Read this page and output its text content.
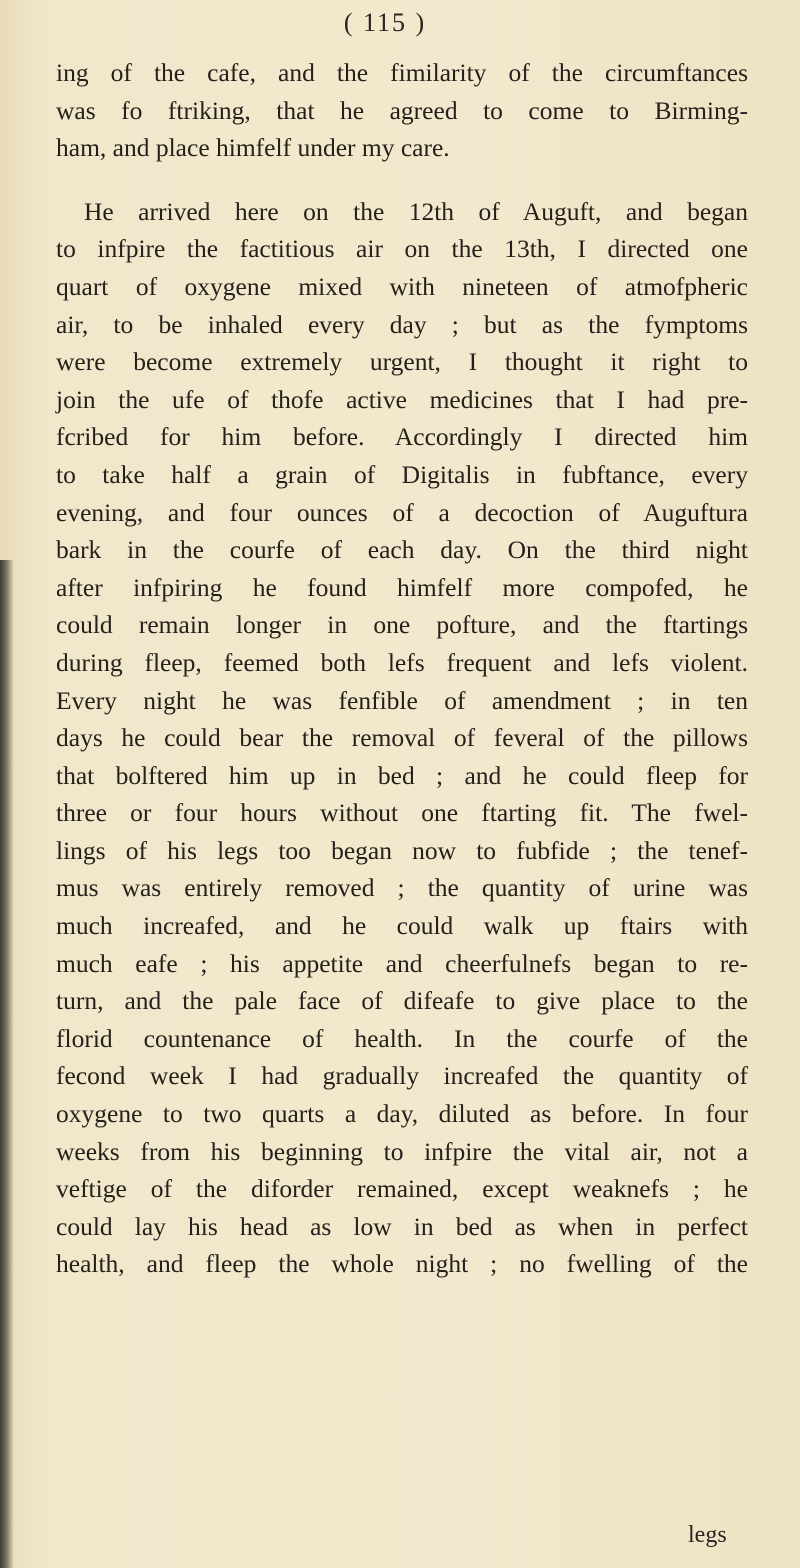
( 115 )
ing of the cafe, and the fimilarity of the circumftances
was fo ftriking, that he agreed to come to Birming-
ham, and place himfelf under my care.
He arrived here on the 12th of Auguft, and began
to infpire the factitious air on the 13th, I directed one
quart of oxygene mixed with nineteen of atmofpheric
air, to be inhaled every day ; but as the fymptoms
were become extremely urgent, I thought it right to
join the ufe of thofe active medicines that I had pre-
fcribed for him before. Accordingly I directed him
to take half a grain of Digitalis in fubftance, every
evening, and four ounces of a decoction of Auguftura
bark in the courfe of each day. On the third night
after infpiring he found himfelf more compofed, he
could remain longer in one pofture, and the ftartings
during fleep, feemed both lefs frequent and lefs violent.
Every night he was fenfible of amendment ; in ten
days he could bear the removal of feveral of the pillows
that bolftered him up in bed ; and he could fleep for
three or four hours without one ftarting fit. The fwel-
lings of his legs too began now to fubfide ; the tenef-
mus was entirely removed ; the quantity of urine was
much increafed, and he could walk up ftairs with
much eafe ; his appetite and cheerfulnefs began to re-
turn, and the pale face of difeafe to give place to the
florid countenance of health. In the courfe of the
fecond week I had gradually increafed the quantity of
oxygene to two quarts a day, diluted as before. In four
weeks from his beginning to infpire the vital air, not a
veftige of the diforder remained, except weaknefs ; he
could lay his head as low in bed as when in perfect
health, and fleep the whole night ; no fwelling of the
legs
